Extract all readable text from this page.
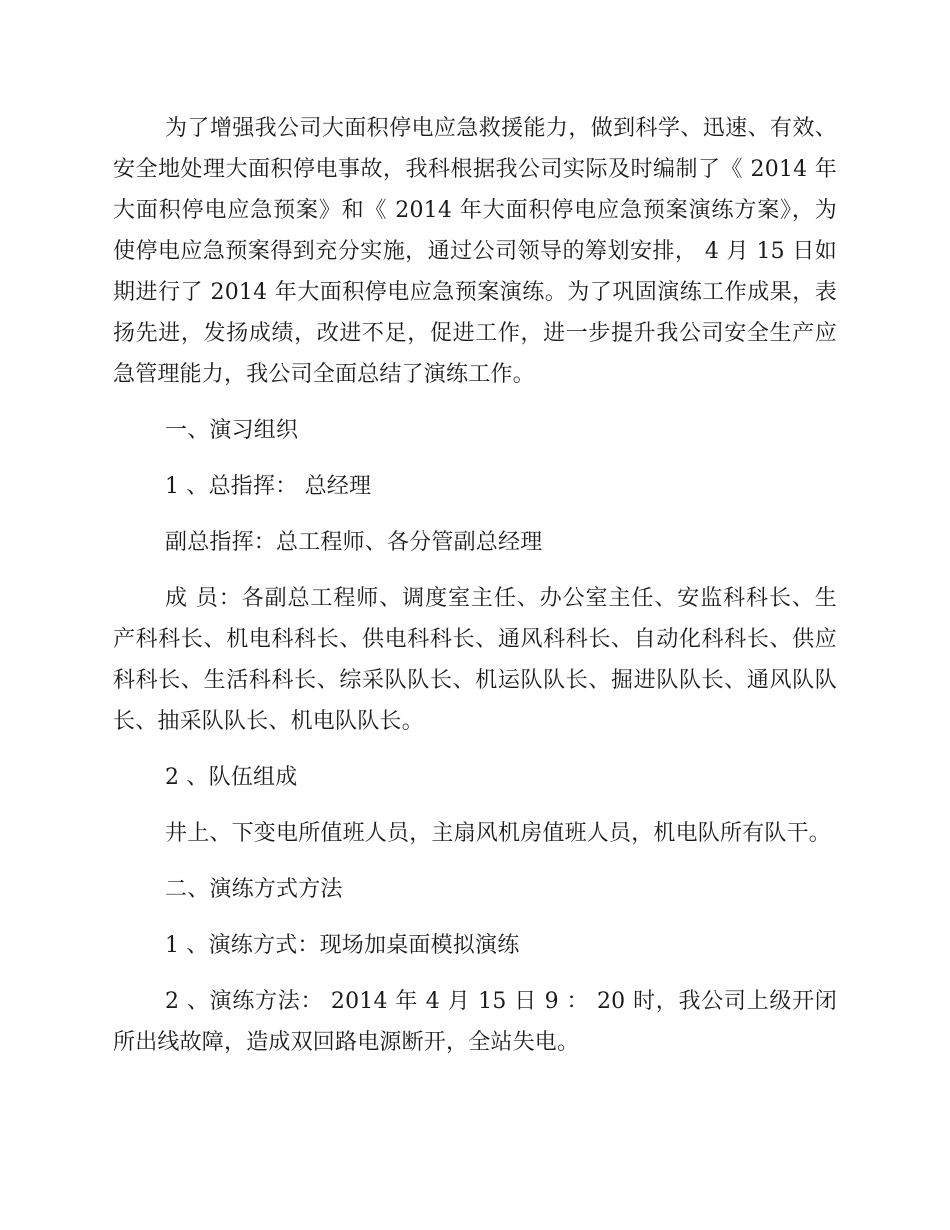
为了增强我公司大面积停电应急救援能力，做到科学、迅速、有效、安全地处理大面积停电事故，我科根据我公司实际及时编制了《 2014 年大面积停电应急预案》和《 2014 年大面积停电应急预案演练方案》，为使停电应急预案得到充分实施，通过公司领导的筹划安排， 4 月 15 日如期进行了 2014 年大面积停电应急预案演练。为了巩固演练工作成果，表扬先进，发扬成绩，改进不足，促进工作，进一步提升我公司安全生产应急管理能力，我公司全面总结了演练工作。

一、演习组织

1 、总指挥： 总经理

副总指挥：总工程师、各分管副总经理

成 员：各副总工程师、调度室主任、办公室主任、安监科科长、生产科科长、机电科科长、供电科科长、通风科科长、自动化科科长、供应科科长、生活科科长、综采队队长、机运队队长、掘进队队长、通风队队长、抽采队队长、机电队队长。

2 、队伍组成

井上、下变电所值班人员，主扇风机房值班人员，机电队所有队干。

二、演练方式方法

1 、演练方式：现场加桌面模拟演练

2 、演练方法： 2014 年 4 月 15 日 9 ： 20 时，我公司上级开闭所出线故障，造成双回路电源断开，全站失电。
